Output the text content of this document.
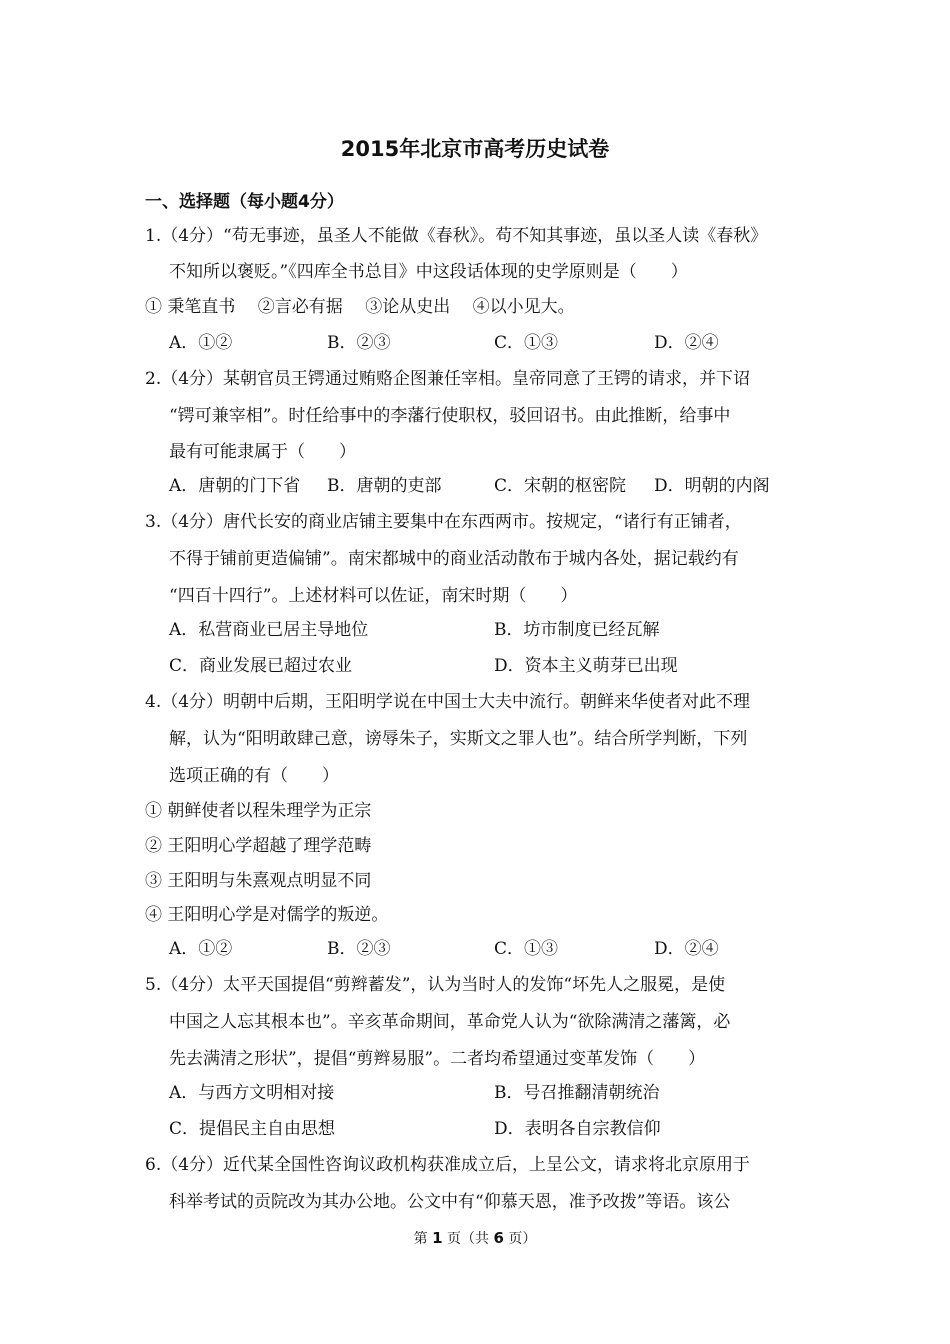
2015年北京市高考历史试卷
一、选择题（每小题4分）
1.（4分）“苟无事迹，虽圣人不能做《春秋》。苟不知其事迹，虽以圣人读《春秋》
不知所以褒贬。”《四库全书总目》中这段话体现的史学原则是（　　）
① 秉笔直书　 ②言必有据　 ③论从史出　 ④以小见大。
A．①②	B．②③	C．①③	D．②④
2.（4分）某朝官员王锷通过贿赂企图兼任宰相。皇帝同意了王锷的请求，并下诏
“锷可兼宰相”。时任给事中的李藩行使职权，驳回诏书。由此推断，给事中
最有可能隶属于（　　）
A．唐朝的门下省 B．唐朝的吏部	C．宋朝的枢密院 D．明朝的内阁
3.（4分）唐代长安的商业店铺主要集中在东西两市。按规定，“诸行有正铺者，
不得于铺前更造偏铺”。南宋都城中的商业活动散布于城内各处，据记载约有
“四百十四行”。上述材料可以佐证，南宋时期（　　）
A．私营商业已居主导地位	B．坊市制度已经瓦解
C．商业发展已超过农业	D．资本主义萌芽已出现
4.（4分）明朝中后期，王阳明学说在中国士大夫中流行。朝鲜来华使者对此不理
解，认为“阳明敢肆己意，谤辱朱子，实斯文之罪人也”。结合所学判断，下列
选项正确的有（　　）
① 朝鲜使者以程朱理学为正宗
② 王阳明心学超越了理学范畴
③ 王阳明与朱熹观点明显不同
④ 王阳明心学是对儒学的叛逆。
A．①②	B．②③	C．①③	D．②④
5.（4分）太平天国提倡“剪辫蓄发”，认为当时人的发饰“坏先人之服冕，是使
中国之人忘其根本也”。辛亥革命期间，革命党人认为“欲除满清之藩篱，必
先去满清之形状”，提倡“剪辫易服”。二者均希望通过变革发饰（　　）
A．与西方文明相对接	B．号召推翻清朝统治
C．提倡民主自由思想	D．表明各自宗教信仰
6.（4分）近代某全国性咨询议政机构获准成立后，上呈公文，请求将北京原用于
科举考试的贡院改为其办公地。公文中有“仰慕天恩，准予改拨”等语。该公
第 1 页（共 6 页）
